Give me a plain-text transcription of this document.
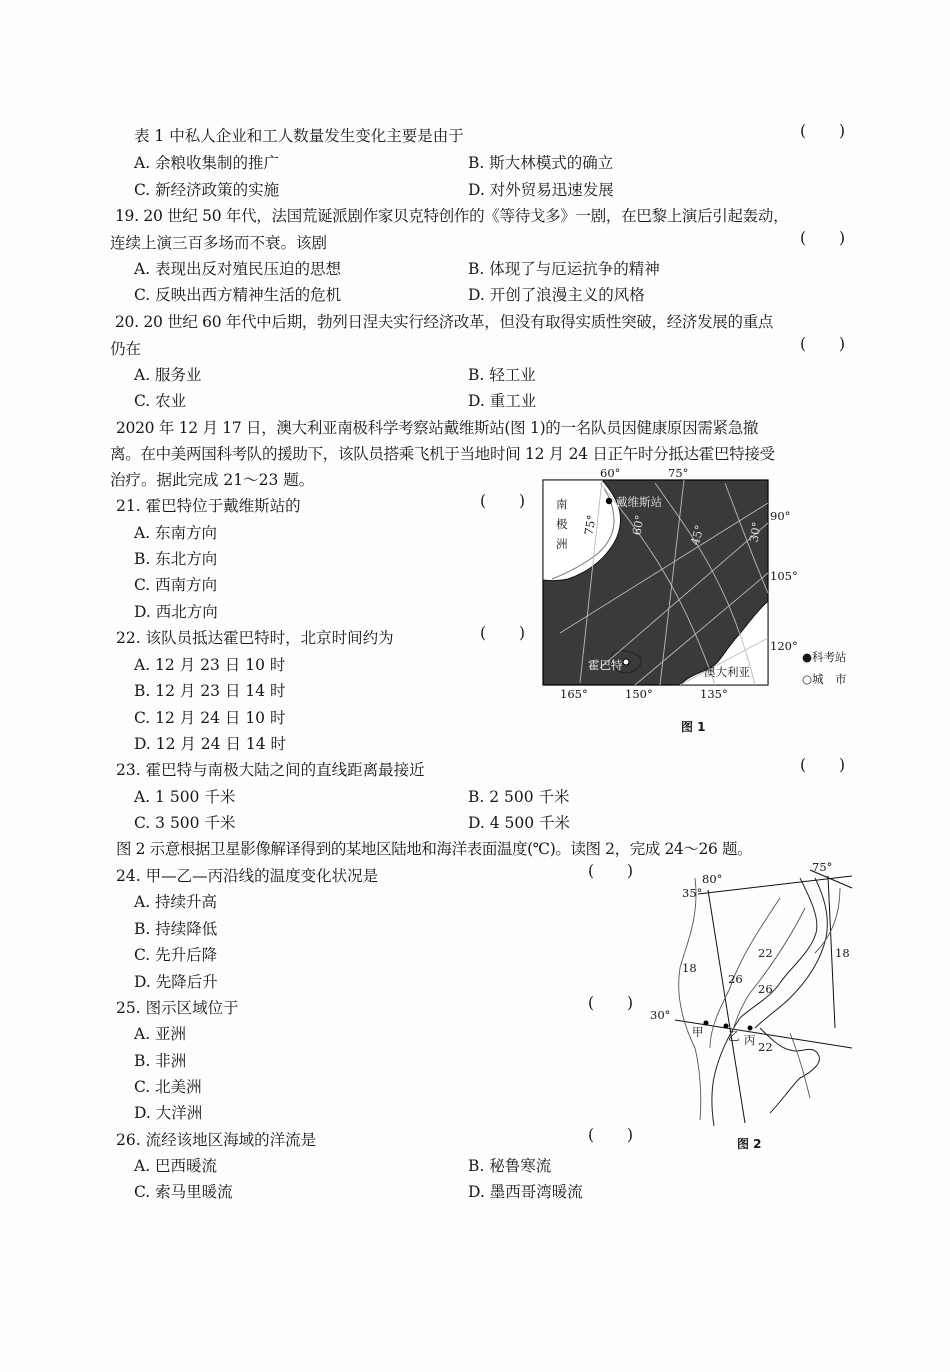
表 1 中私人企业和工人数量发生变化主要是由于	( )
A. 余粮收集制的推广	B. 斯大林模式的确立
C. 新经济政策的实施	D. 对外贸易迅速发展
19. 20 世纪 50 年代，法国荒诞派剧作家贝克特创作的《等待戈多》一剧，在巴黎上演后引起轰动，
连续上演三百多场而不衰。该剧	( )
A. 表现出反对殖民压迫的思想	B. 体现了与厄运抗争的精神
C. 反映出西方精神生活的危机	D. 开创了浪漫主义的风格
20. 20 世纪 60 年代中后期，勃列日涅夫实行经济改革，但没有取得实质性突破，经济发展的重点
仍在	( )
A. 服务业	B. 轻工业
C. 农业	D. 重工业
2020 年 12 月 17 日，澳大利亚南极科学考察站戴维斯站(图 1)的一名队员因健康原因需紧急撤
离。在中美两国科考队的援助下，该队员搭乘飞机于当地时间 12 月 24 日正午时分抵达霍巴特接受
治疗。据此完成 21～23 题。
21. 霍巴特位于戴维斯站的	( )
A. 东南方向
B. 东北方向
C. 西南方向
D. 西北方向
22. 该队员抵达霍巴特时，北京时间约为	( )
A. 12 月 23 日 10 时
B. 12 月 23 日 14 时
C. 12 月 24 日 10 时
D. 12 月 24 日 14 时
60°	75°
90°
105°
120°
165°	150°	135°
75°	60°	45°	30°
南
极
洲
戴维斯站
霍巴特	澳大利亚
●科考站
○城　市
图 1
23. 霍巴特与南极大陆之间的直线距离最接近	( )
A. 1 500 千米	B. 2 500 千米
C. 3 500 千米	D. 4 500 千米
图 2 示意根据卫星影像解译得到的某地区陆地和海洋表面温度(℃)。读图 2，完成 24～26 题。
24. 甲—乙—丙沿线的温度变化状况是	( )
A. 持续升高
B. 持续降低
C. 先升后降
D. 先降后升
25. 图示区域位于	( )
A. 亚洲
B. 非洲
C. 北美洲
D. 大洋洲
26. 流经该地区海域的洋流是	( )
A. 巴西暖流	B. 秘鲁寒流
C. 索马里暖流	D. 墨西哥湾暖流
80°
75°
35°
30°
18
18
22
22
26
26
甲 乙 丙
图 2
